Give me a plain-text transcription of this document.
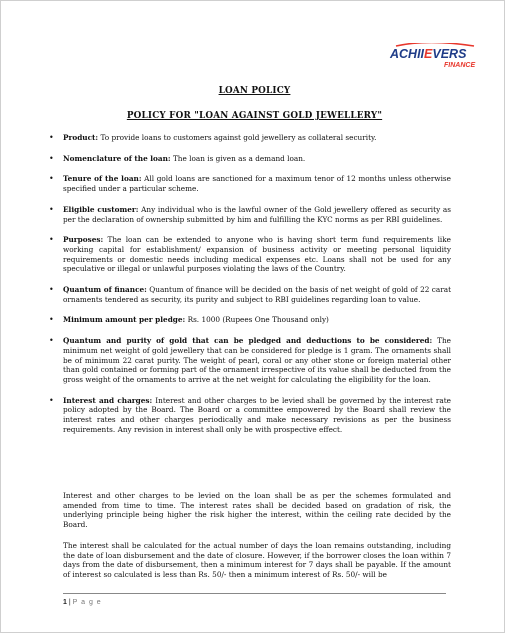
ACHIIEVERS
FINANCE
LOAN POLICY
POLICY FOR "LOAN AGAINST GOLD JEWELLERY"
• Product: To provide loans to customers against gold jewellery as collateral security.
• Nomenclature of the loan: The loan is given as a demand loan.
• Tenure of the loan: All gold loans are sanctioned for a maximum tenor of 12 months unless otherwise specified under a particular scheme.
• Eligible customer: Any individual who is the lawful owner of the Gold jewellery offered as security as per the declaration of ownership submitted by him and fulfilling the KYC norms as per RBI guidelines.
• Purposes: The loan can be extended to anyone who is having short term fund requirements like working capital for establishment/ expansion of business activity or meeting personal liquidity requirements or domestic needs including medical expenses etc. Loans shall not be used for any speculative or illegal or unlawful purposes violating the laws of the Country.
• Quantum of finance: Quantum of finance will be decided on the basis of net weight of gold of 22 carat ornaments tendered as security, its purity and subject to RBI guidelines regarding loan to value.
• Minimum amount per pledge: Rs. 1000 (Rupees One Thousand only)
• Quantum and purity of gold that can be pledged and deductions to be considered: The minimum net weight of gold jewellery that can be considered for pledge is 1 gram. The ornaments shall be of minimum 22 carat purity. The weight of pearl, coral or any other stone or foreign material other than gold contained or forming part of the ornament irrespective of its value shall be deducted from the gross weight of the ornaments to arrive at the net weight for calculating the eligibility for the loan.
• Interest and charges: Interest and other charges to be levied shall be governed by the interest rate policy adopted by the Board. The Board or a committee empowered by the Board shall review the interest rates and other charges periodically and make necessary revisions as per the business requirements. Any revision in interest shall only be with prospective effect.
Interest and other charges to be levied on the loan shall be as per the schemes formulated and amended from time to time. The interest rates shall be decided based on gradation of risk, the underlying principle being higher the risk higher the interest, within the ceiling rate decided by the Board.
The interest shall be calculated for the actual number of days the loan remains outstanding, including the date of loan disbursement and the date of closure. However, if the borrower closes the loan within 7 days from the date of disbursement, then a minimum interest for 7 days shall be payable. If the amount of interest so calculated is less than Rs. 50/- then a minimum interest of Rs. 50/- will be
1 | P a g e
